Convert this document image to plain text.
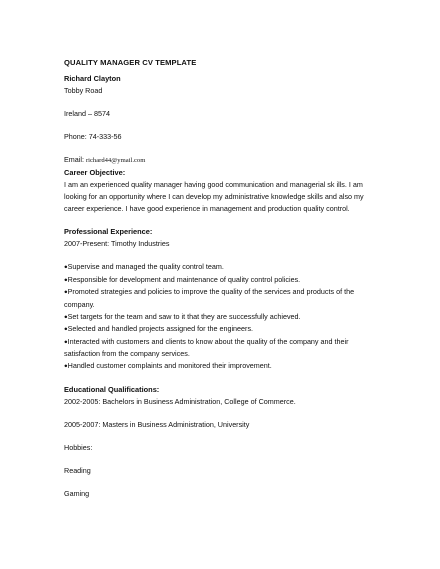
QUALITY MANAGER CV TEMPLATE
Richard Clayton
Tobby Road
Ireland – 8574
Phone: 74-333-56
Email: richard44@ymail.com
Career Objective:
I am an experienced quality manager having good communication and managerial sk ills. I am
looking for an opportunity where I can develop my administrative knowledge skills and also my
career experience. I have good experience in management and production quality control.
Professional Experience:
2007-Present: Timothy Industries
●Supervise and managed the quality control team.
●Responsible for development and maintenance of quality control policies.
●Promoted strategies and policies to improve the quality of the services and products of the company.
●Set targets for the team and saw to it that they are successfully achieved.
●Selected and handled projects assigned for the engineers.
●Interacted with customers and clients to know about the quality of the company and their satisfaction from the company services.
●Handled customer complaints and monitored their improvement.
Educational Qualifications:
2002-2005: Bachelors in Business Administration, College of Commerce.
2005-2007: Masters in Business Administration, University
Hobbies:
Reading
Gaming
